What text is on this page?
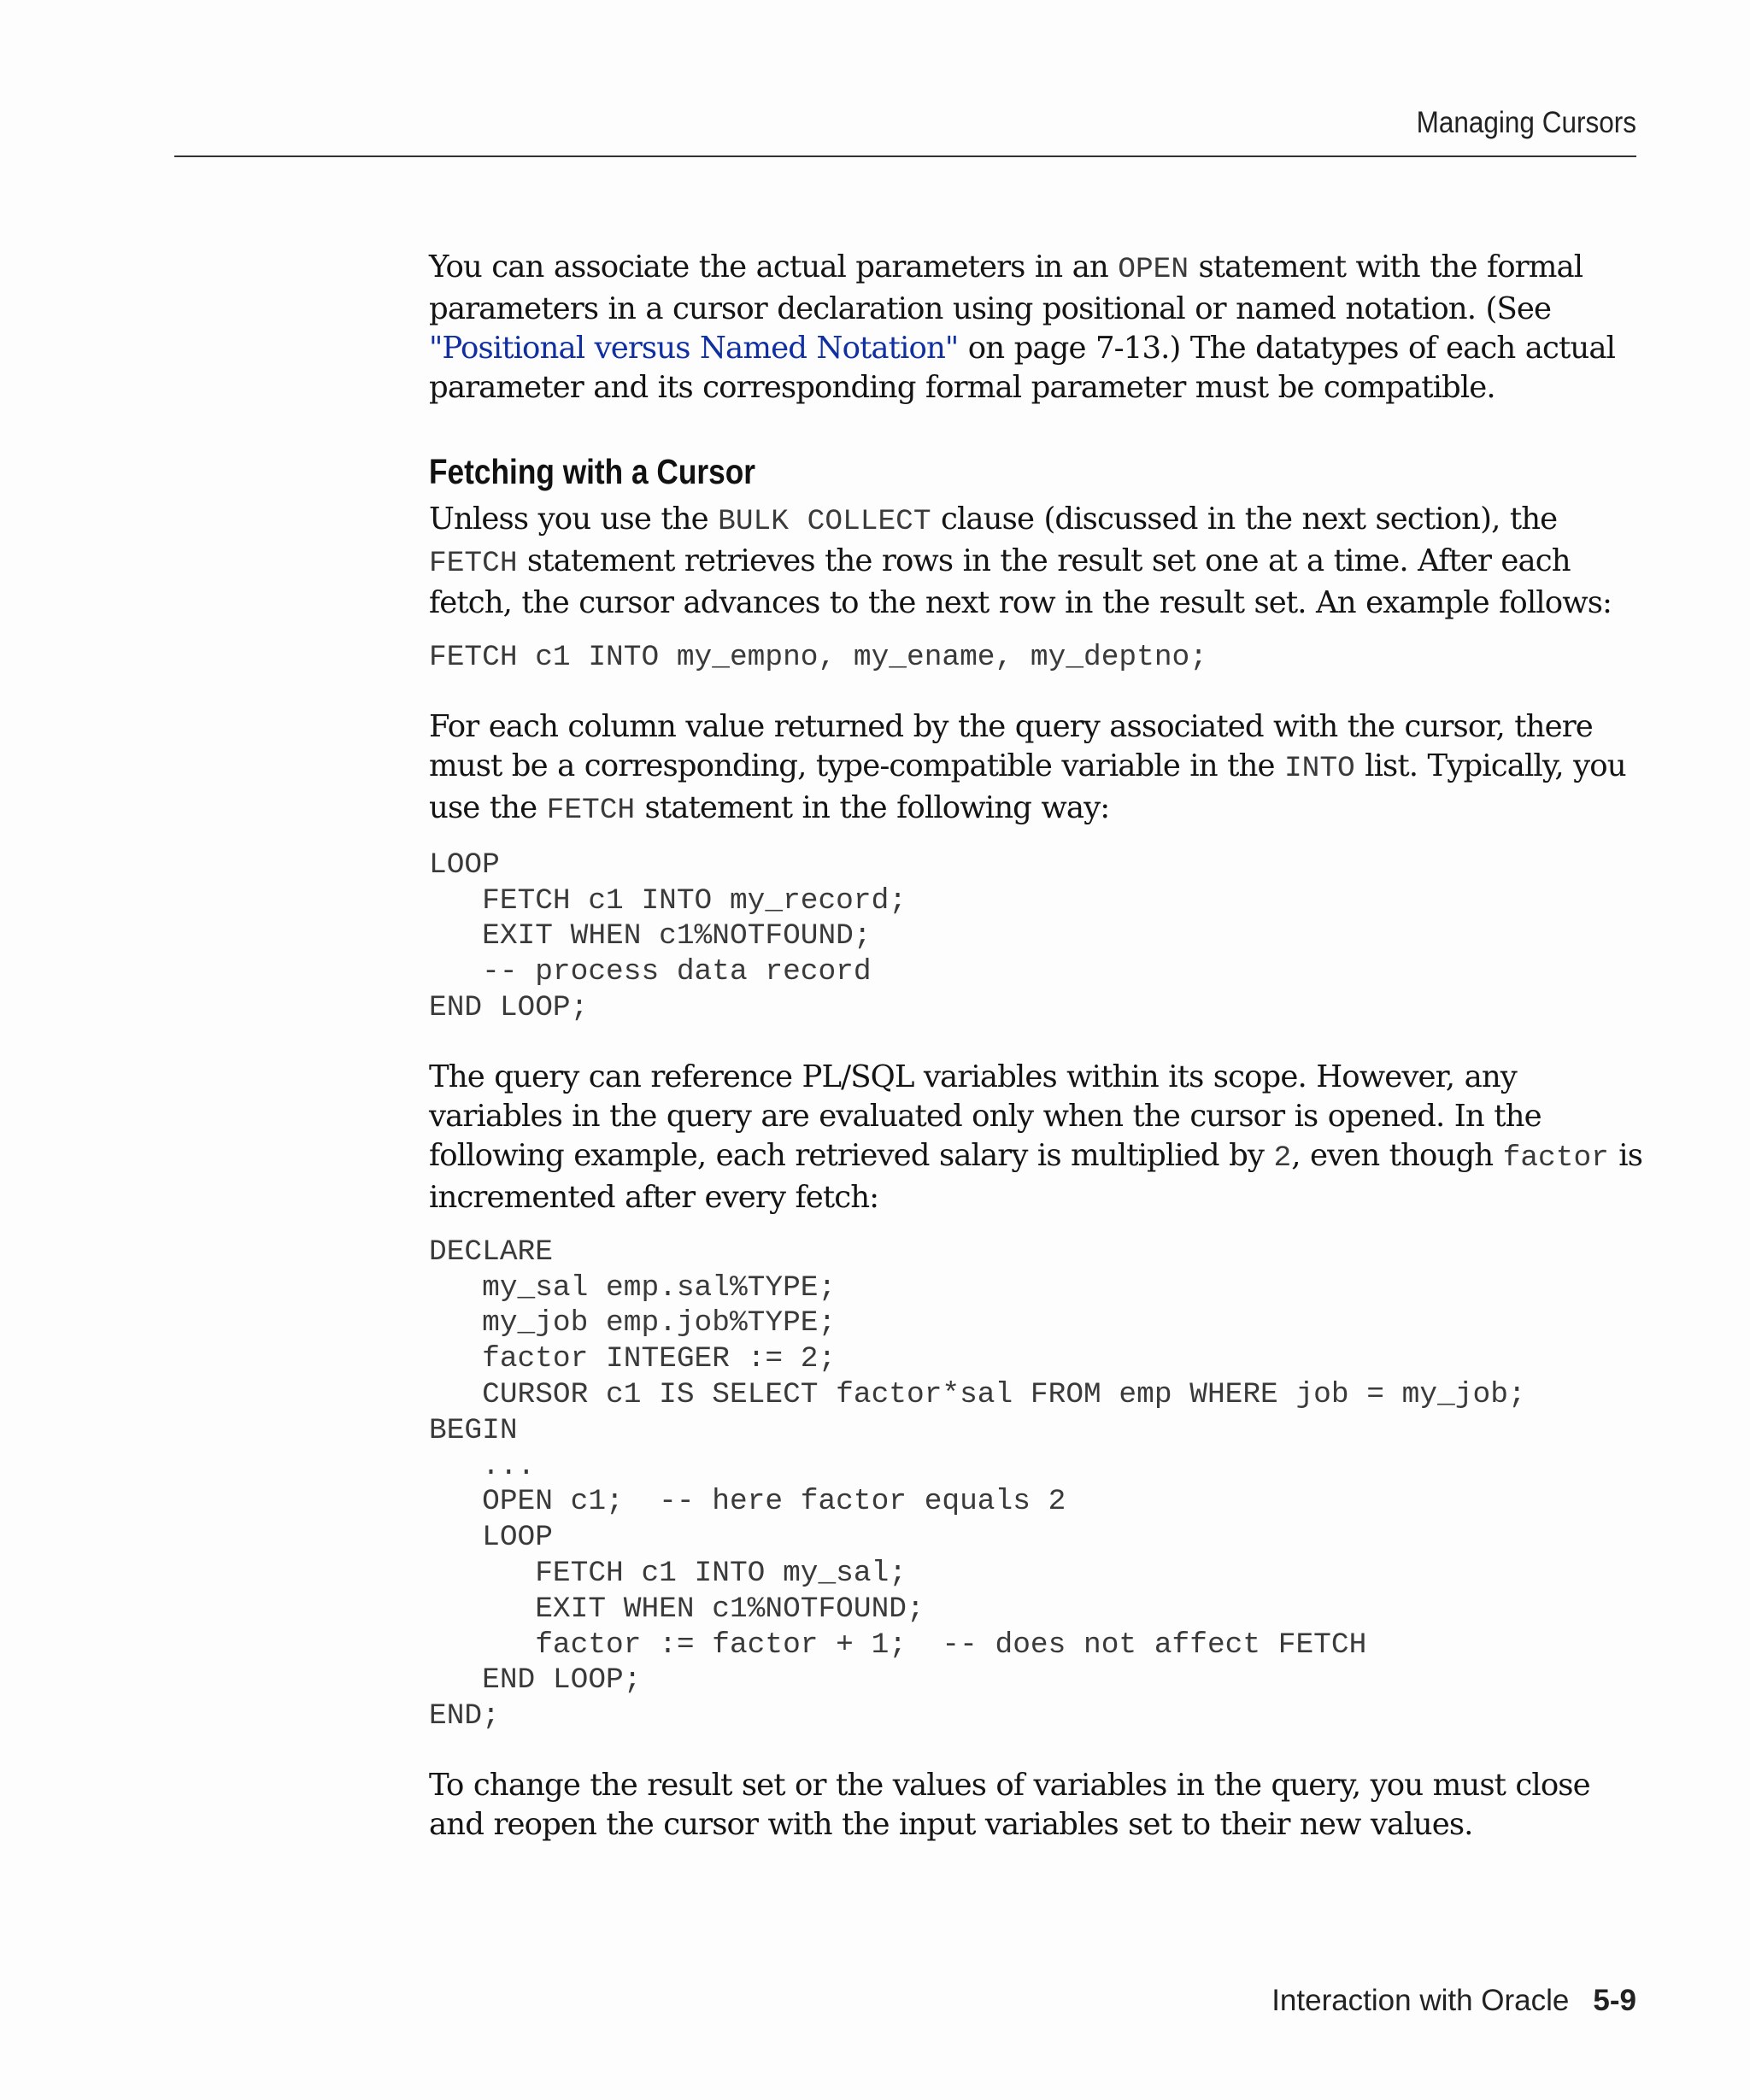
Managing Cursors

You can associate the actual parameters in an OPEN statement with the formal parameters in a cursor declaration using positional or named notation. (See "Positional versus Named Notation" on page 7-13.) The datatypes of each actual parameter and its corresponding formal parameter must be compatible.

Fetching with a Cursor

Unless you use the BULK COLLECT clause (discussed in the next section), the FETCH statement retrieves the rows in the result set one at a time. After each fetch, the cursor advances to the next row in the result set. An example follows:

FETCH c1 INTO my_empno, my_ename, my_deptno;

For each column value returned by the query associated with the cursor, there must be a corresponding, type-compatible variable in the INTO list. Typically, you use the FETCH statement in the following way:

LOOP
FETCH c1 INTO my_record;
EXIT WHEN c1%NOTFOUND;
-- process data record
END LOOP;

The query can reference PL/SQL variables within its scope. However, any variables in the query are evaluated only when the cursor is opened. In the following example, each retrieved salary is multiplied by 2, even though factor is incremented after every fetch:

DECLARE
my_sal emp.sal%TYPE;
my_job emp.job%TYPE;
factor INTEGER := 2;
CURSOR c1 IS SELECT factor*sal FROM emp WHERE job = my_job;
BEGIN
...
OPEN c1;  -- here factor equals 2
LOOP
FETCH c1 INTO my_sal;
EXIT WHEN c1%NOTFOUND;
factor := factor + 1;  -- does not affect FETCH
END LOOP;
END;

To change the result set or the values of variables in the query, you must close and reopen the cursor with the input variables set to their new values.

Interaction with Oracle 5-9
